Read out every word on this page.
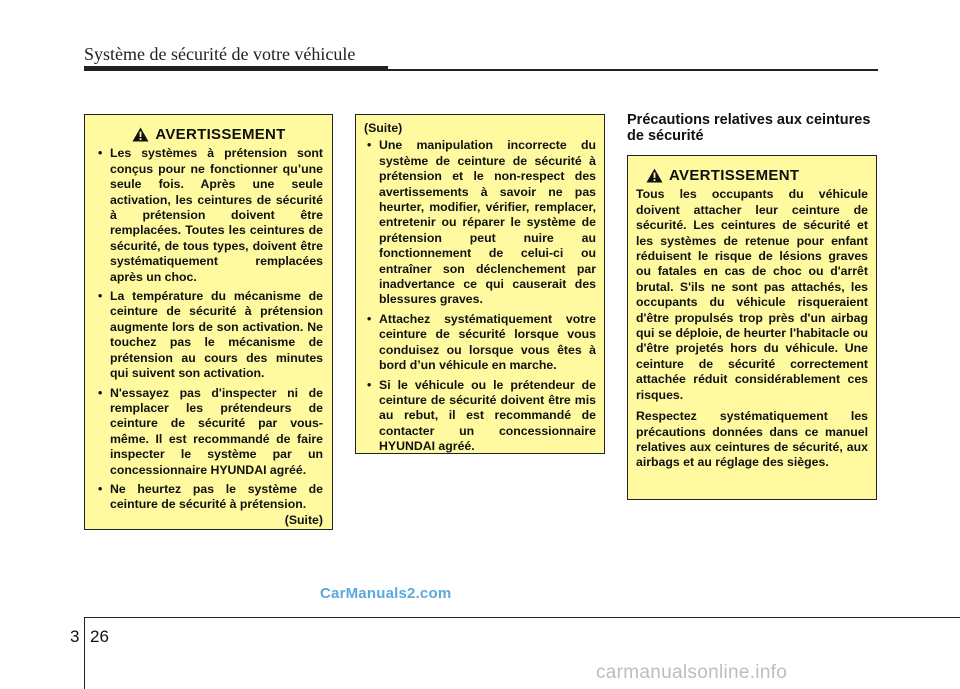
Système de sécurité de votre véhicule
AVERTISSEMENT
• Les systèmes à prétension sont conçus pour ne fonctionner qu’une seule fois. Après une seule activation, les ceintures de sécurité à prétension doivent être remplacées. Toutes les ceintures de sécurité, de tous types, doivent être systématiquement remplacées après un choc.
• La température du mécanisme de ceinture de sécurité à prétension augmente lors de son activation. Ne touchez pas le mécanisme de prétension au cours des minutes qui suivent son activation.
• N'essayez pas d'inspecter ni de remplacer les prétendeurs de ceinture de sécurité par vous-même. Il est recommandé de faire inspecter le système par un concessionnaire HYUNDAI agréé.
• Ne heurtez pas le système de ceinture de sécurité à prétension.
(Suite)
(Suite)
• Une manipulation incorrecte du système de ceinture de sécurité à prétension et le non-respect des avertissements à savoir ne pas heurter, modifier, vérifier, remplacer, entretenir ou réparer le système de prétension peut nuire au fonctionnement de celui-ci ou entraîner son déclenchement par inadvertance ce qui causerait des blessures graves.
• Attachez systématiquement votre ceinture de sécurité lorsque vous conduisez ou lorsque vous êtes à bord d’un véhicule en marche.
• Si le véhicule ou le prétendeur de ceinture de sécurité doivent être mis au rebut, il est recommandé de contacter un concessionnaire HYUNDAI agréé.
Précautions relatives aux ceintures de sécurité
AVERTISSEMENT

Tous les occupants du véhicule doivent attacher leur ceinture de sécurité. Les ceintures de sécurité et les systèmes de retenue pour enfant réduisent le risque de lésions graves ou fatales en cas de choc ou d'arrêt brutal. S'ils ne sont pas attachés, les occupants du véhicule risqueraient d'être propulsés trop près d'un airbag qui se déploie, de heurter l'habitacle ou d'être projetés hors du véhicule. Une ceinture de sécurité correctement attachée réduit considérablement ces risques.

Respectez systématiquement les précautions données dans ce manuel relatives aux ceintures de sécurité, aux airbags et au réglage des sièges.

CarManuals2.com
3 26
carmanualsonline.info
